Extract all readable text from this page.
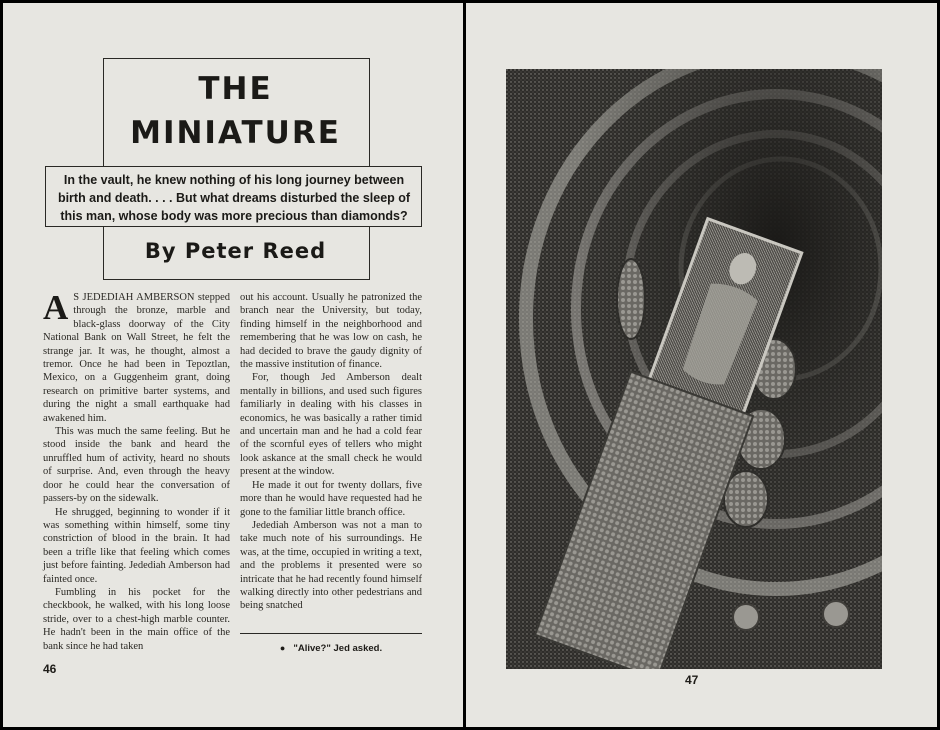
THE
MINIATURE
In the vault, he knew nothing of his long journey between birth and death. . . . But what dreams disturbed the sleep of this man, whose body was more precious than diamonds?
By Peter Reed

A S JEDEDIAH AMBERSON stepped through the bronze, marble and black-glass doorway of the City National Bank on Wall Street, he felt the strange jar. It was, he thought, almost a tremor. Once he had been in Tepoztlan, Mexico, on a Guggenheim grant, doing research on primitive barter systems, and during the night a small earthquake had awakened him.

This was much the same feeling. But he stood inside the bank and heard the unruffled hum of activity, heard no shouts of surprise. And, even through the heavy door he could hear the conversation of passers-by on the sidewalk.

He shrugged, beginning to wonder if it was something within himself, some tiny constriction of blood in the brain. It had been a trifle like that feeling which comes just before fainting. Jedediah Amberson had fainted once.

Fumbling in his pocket for the checkbook, he walked, with his long loose stride, over to a chest-high marble counter. He hadn't been in the main office of the bank since he had taken

out his account. Usually he patronized the branch near the University, but today, finding himself in the neighborhood and remembering that he was low on cash, he had decided to brave the gaudy dignity of the massive institution of finance.

For, though Jed Amberson dealt mentally in billions, and used such figures familiarly in dealing with his classes in economics, he was basically a rather timid and uncertain man and he had a cold fear of the scornful eyes of tellers who might look askance at the small check he would present at the window.

He made it out for twenty dollars, five more than he would have requested had he gone to the familiar little branch office.

Jedediah Amberson was not a man to take much note of his surroundings. He was, at the time, occupied in writing a text, and the problems it presented were so intricate that he had recently found himself walking directly into other pedestrians and being snatched

● "Alive?" Jed asked.
46
47
